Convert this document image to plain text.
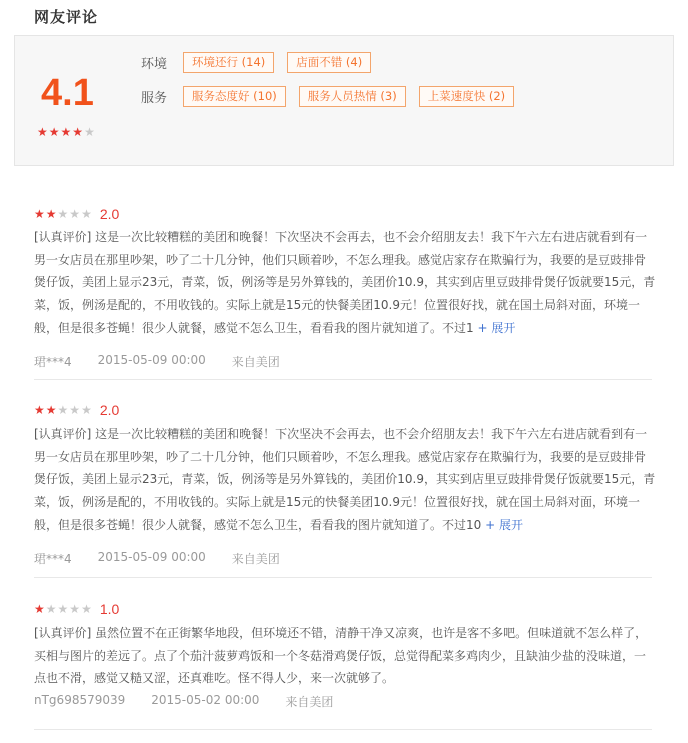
网友评论
4.1
★ ★ ★ ★ ★
环境	环境还行 (14)	店面不错 (4)
服务	服务态度好 (10)	服务人员热情 (3)	上菜速度快 (2)
★ ★ ★ ★ ★ 2.0
[认真评价] 这是一次比较糟糕的美团和晚餐！下次坚决不会再去，也不会介绍朋友去！我下午六左右进店就看到有一
男一女店员在那里吵架，吵了二十几分钟，他们只顾着吵，不怎么理我。感觉店家存在欺骗行为，我要的是豆豉排骨
煲仔饭，美团上显示23元，青菜，饭，例汤等是另外算钱的，美团价10.9，其实到店里豆豉排骨煲仔饭就要15元，青
菜，饭，例汤是配的，不用收钱的。实际上就是15元的快餐美团10.9元！位置很好找，就在国土局斜对面，环境一
般，但是很多苍蝇！很少人就餐，感觉不怎么卫生，看看我的图片就知道了。不过1 + 展开
珺***4 2015-05-09 00:00 来自美团
★ ★ ★ ★ ★ 2.0
[认真评价] 这是一次比较糟糕的美团和晚餐！下次坚决不会再去，也不会介绍朋友去！我下午六左右进店就看到有一
男一女店员在那里吵架，吵了二十几分钟，他们只顾着吵，不怎么理我。感觉店家存在欺骗行为，我要的是豆豉排骨
煲仔饭，美团上显示23元，青菜，饭，例汤等是另外算钱的，美团价10.9，其实到店里豆豉排骨煲仔饭就要15元，青
菜，饭，例汤是配的，不用收钱的。实际上就是15元的快餐美团10.9元！位置很好找，就在国土局斜对面，环境一
般，但是很多苍蝇！很少人就餐，感觉不怎么卫生，看看我的图片就知道了。不过10 + 展开
珺***4 2015-05-09 00:00 来自美团
★ ★ ★ ★ ★ 1.0
[认真评价] 虽然位置不在正街繁华地段，但环境还不错，清静干净又凉爽，也许是客不多吧。但味道就不怎么样了，
买相与图片的差远了。点了个茄汁菠萝鸡饭和一个冬菇滑鸡煲仔饭，总觉得配菜多鸡肉少，且缺油少盐的没味道，一
点也不滑，感觉又糙又涩，还真难吃。怪不得人少，来一次就够了。
nTg698579039 2015-05-02 00:00 来自美团
